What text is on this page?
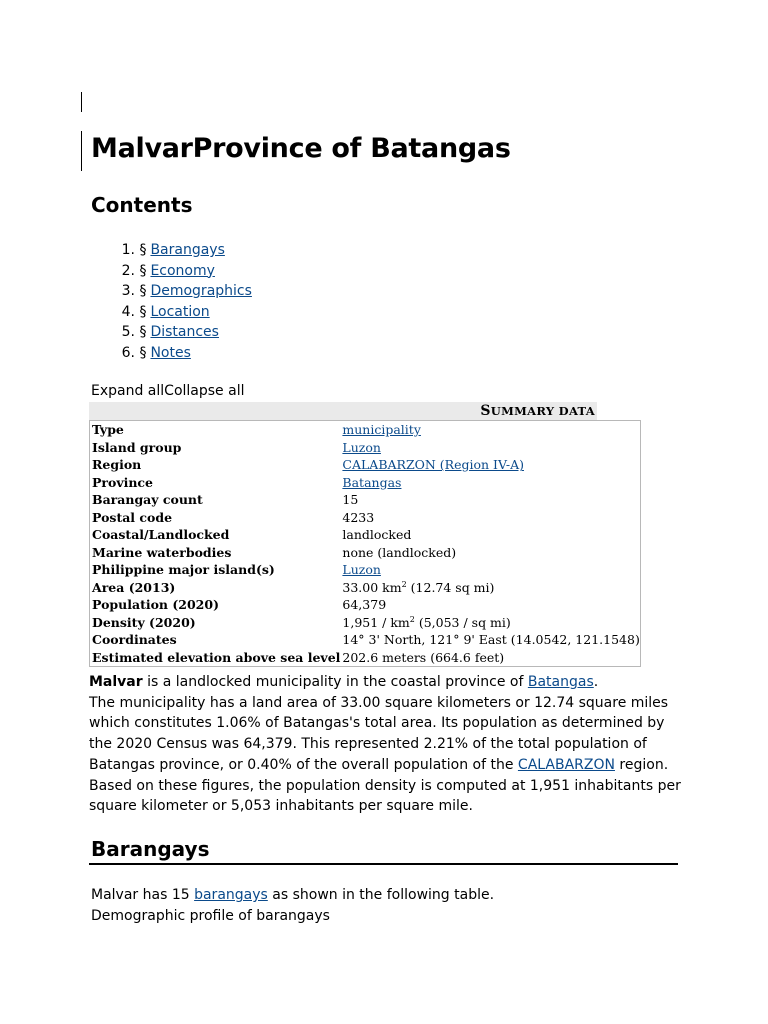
MalvarProvince of Batangas
Contents
1. § Barangays
2. § Economy
3. § Demographics
4. § Location
5. § Distances
6. § Notes
Expand allCollapse all
SUMMARY DATA
Type	municipality
Island group	Luzon
Region	CALABARZON (Region IV-A)
Province	Batangas
Barangay count	15
Postal code	4233
Coastal/Landlocked	landlocked
Marine waterbodies	none (landlocked)
Philippine major island(s)	Luzon
Area (2013)	33.00 $km^2$ (12.74 sq mi)
Population (2020)	64,379
Density (2020)	$1,951 / km^2$ (5,053 / sq mi)
Coordinates	14° 3' North, 121° 9' East (14.0542, 121.1548)
Estimated elevation above sea level	202.6 meters (664.6 feet)

Malvar is a landlocked municipality in the coastal province of Batangas.

The municipality has a land area of 33.00 square kilometers or 12.74 square miles which constitutes 1.06% of Batangas's total area. Its population as determined by the 2020 Census was 64,379. This represented 2.21% of the total population of Batangas province, or 0.40% of the overall population of the CALABARZON region. Based on these figures, the population density is computed at 1,951 inhabitants per square kilometer or 5,053 inhabitants per square mile.

Barangays

Malvar has 15 barangays as shown in the following table.

Demographic profile of barangays
